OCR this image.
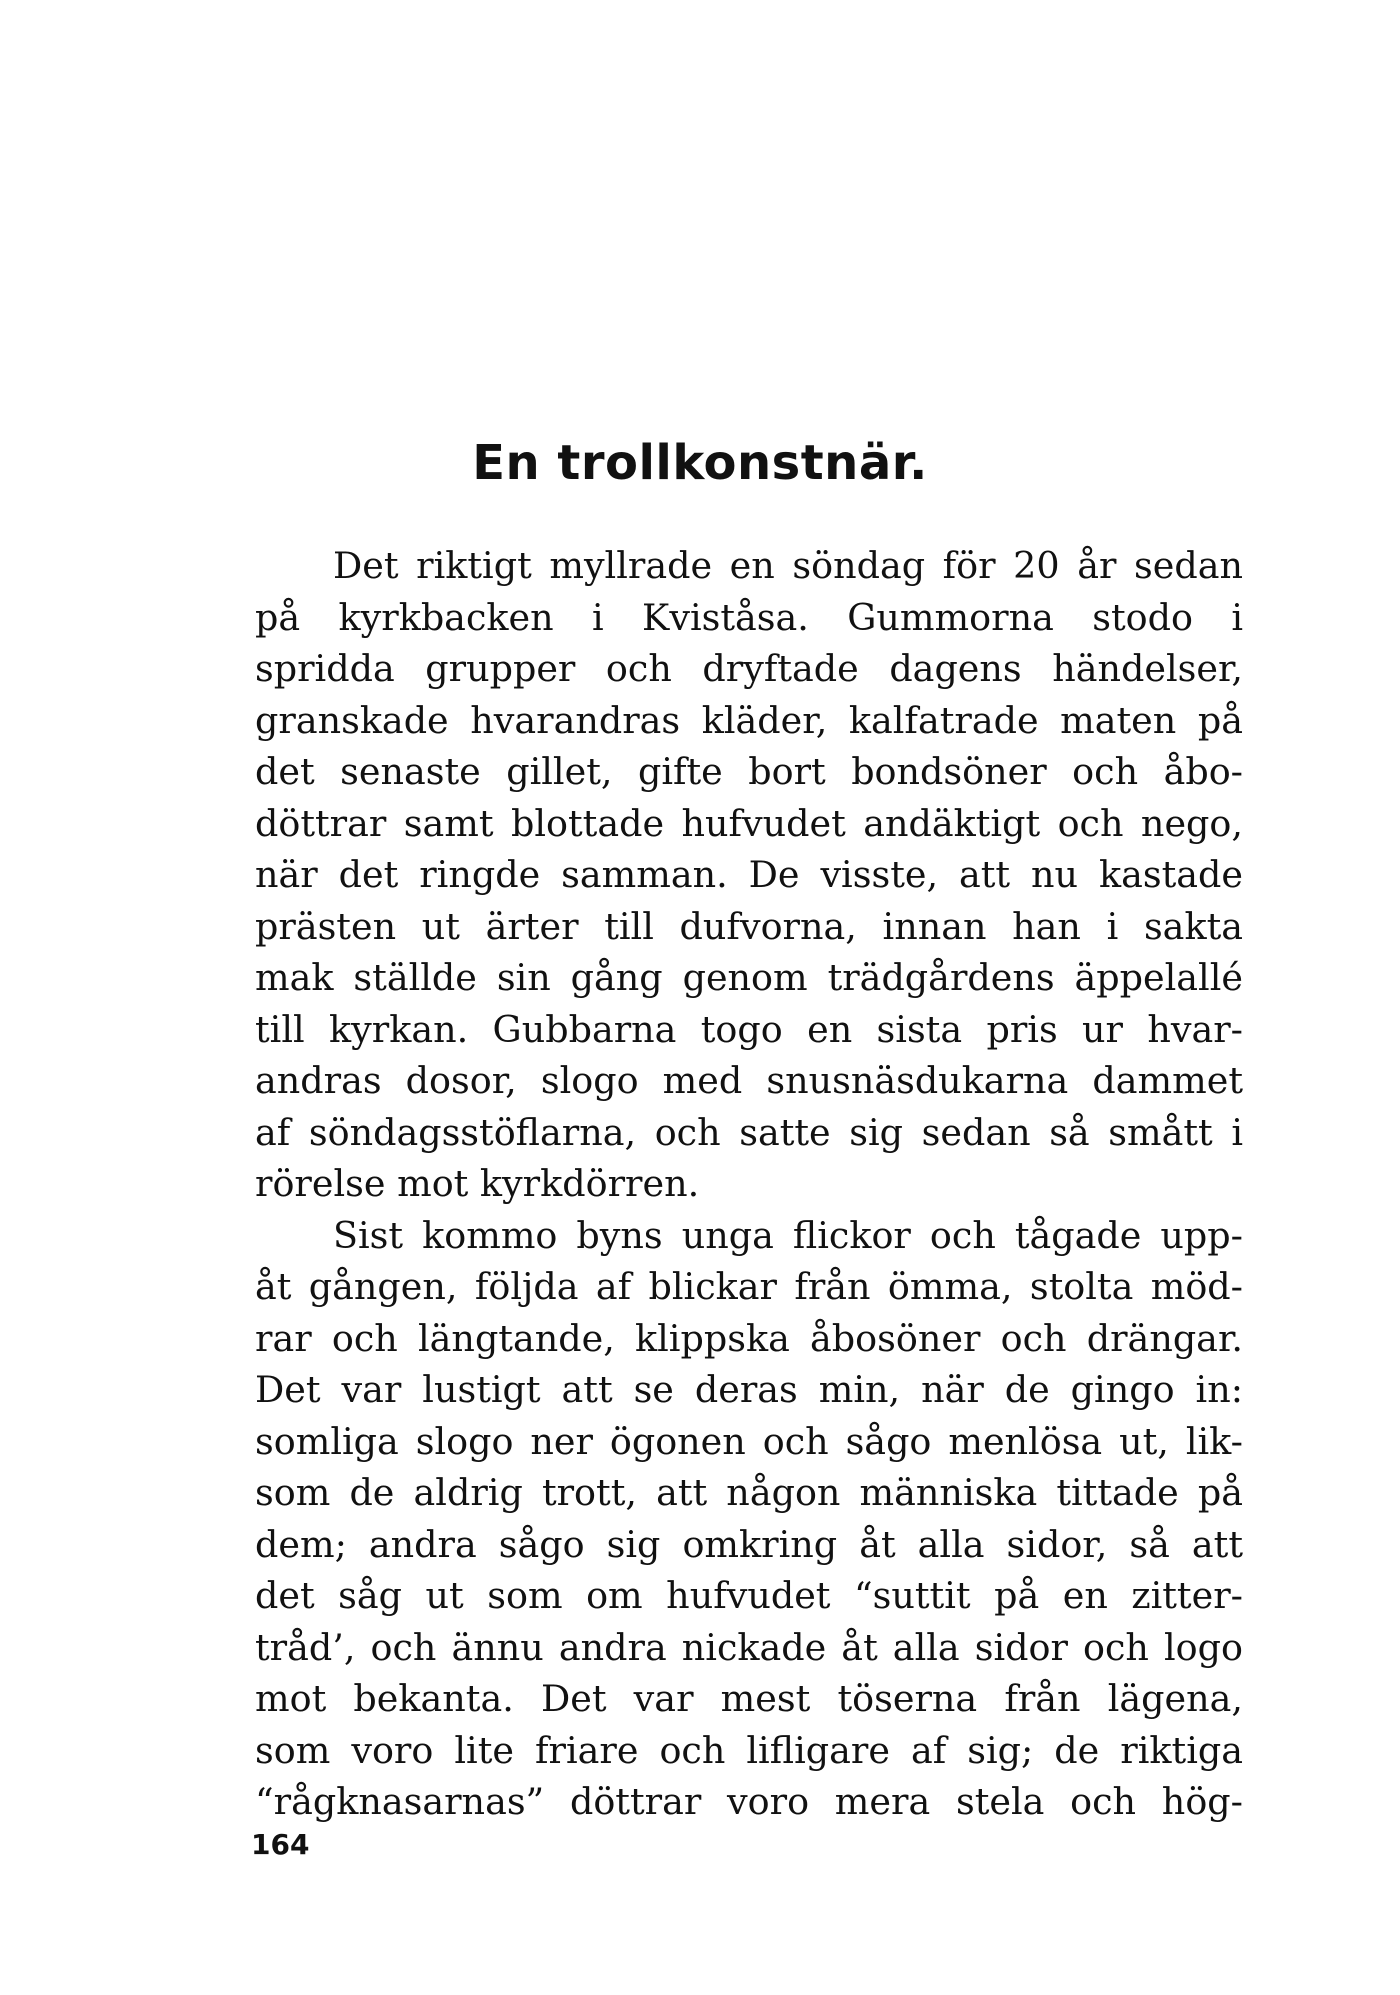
En trollkonstnär.
Det riktigt myllrade en söndag för 20 år sedan
på kyrkbacken i Kviståsa. Gummorna stodo i
spridda grupper och dryftade dagens händelser,
granskade hvarandras kläder, kalfatrade maten på
det senaste gillet, gifte bort bondsöner och åbo-
döttrar samt blottade hufvudet andäktigt och nego,
när det ringde samman. De visste, att nu kastade
prästen ut ärter till dufvorna, innan han i sakta
mak ställde sin gång genom trädgårdens äppelallé
till kyrkan. Gubbarna togo en sista pris ur hvar-
andras dosor, slogo med snusnäsdukarna dammet
af söndagsstöflarna, och satte sig sedan så smått i
rörelse mot kyrkdörren.
Sist kommo byns unga flickor och tågade upp-
åt gången, följda af blickar från ömma, stolta möd-
rar och längtande, klippska åbosöner och drängar.
Det var lustigt att se deras min, när de gingo in:
somliga slogo ner ögonen och sågo menlösa ut, lik-
som de aldrig trott, att någon människa tittade på
dem; andra sågo sig omkring åt alla sidor, så att
det såg ut som om hufvudet “suttit på en zitter-
tråd’, och ännu andra nickade åt alla sidor och logo
mot bekanta. Det var mest töserna från lägena,
som voro lite friare och lifligare af sig; de riktiga
“rågknasarnas” döttrar voro mera stela och hög-
164
